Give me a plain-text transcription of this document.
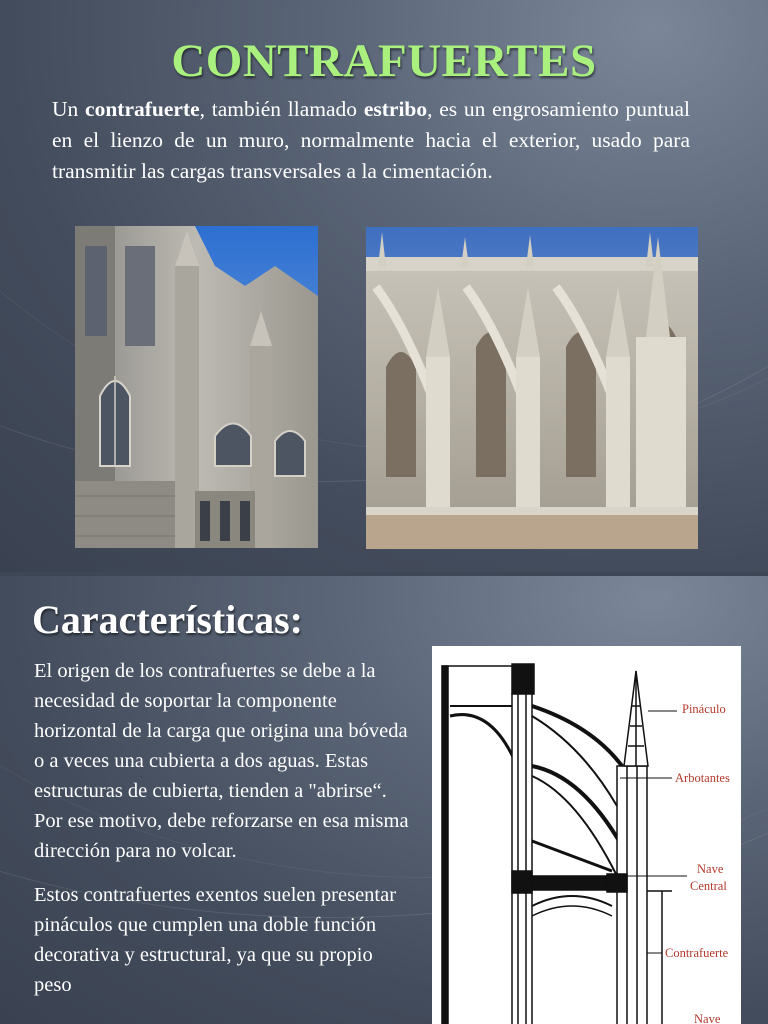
CONTRAFUERTES
Un contrafuerte, también llamado estribo, es un engrosamiento puntual en el lienzo de un muro, normalmente hacia el exterior, usado para transmitir las cargas transversales a la cimentación.
Características:

El origen de los contrafuertes se debe a la necesidad de soportar la componente horizontal de la carga que origina una bóveda o a veces una cubierta a dos aguas. Estas estructuras de cubierta, tienden a "abrirse“. Por ese motivo, debe reforzarse en esa misma dirección para no volcar.

Estos contrafuertes exentos suelen presentar pináculos que cumplen una doble función decorativa y estructural, ya que su propio peso

Pináculo
Arbotantes
Nave
Central
Contrafuerte
Nave
